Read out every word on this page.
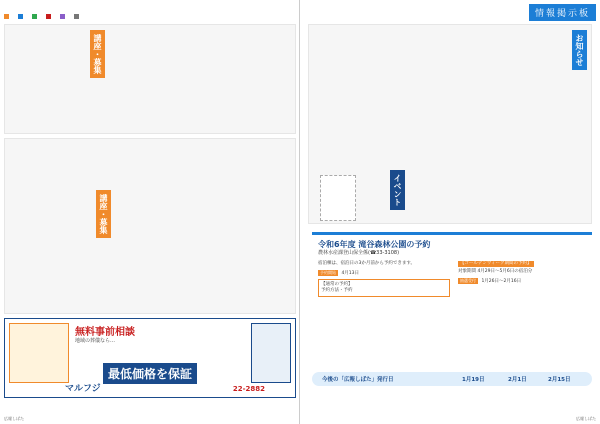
講座・募集
講座・募集
無料事前相談
地域の葬儀なら…
最低価格を保証
マルフジ	22-2882
広報しばた
情報掲示板
お知らせ
イベント
広報しばた
令和6年度 滝谷森林公園の予約
農林水産課登山保全係(☎33-3108)
宿泊棟は、宿泊日の3か月前から予約できます。
予約開始 4月13日
【通常の予約】
予約方法・予約
【ゴールデンウィーク期間の予約】
対象期間 4月29日～5月6日の宿泊分
抽選受付 1月26日～2月16日
今後の「広報しばた」発行日	1月19日	2月1日	2月15日
